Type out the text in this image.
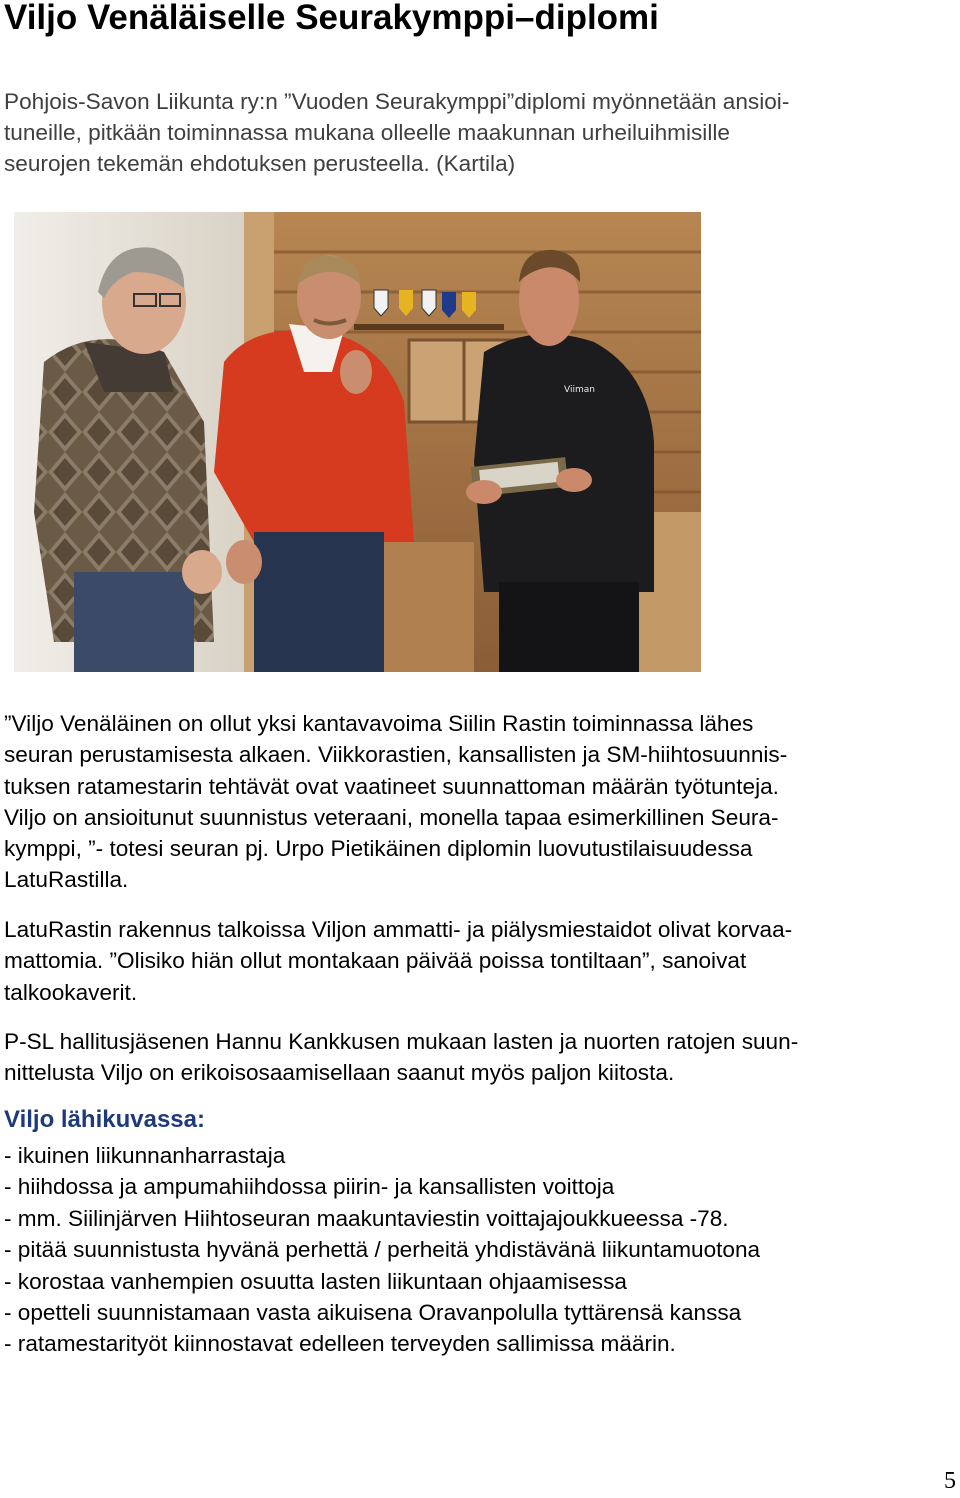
Viljo Venäläiselle Seurakymppi–diplomi
Pohjois-Savon Liikunta ry:n ”Vuoden Seurakymppi”diplomi myönnetään ansioi-
tuneille, pitkään toiminnassa mukana olleelle maakunnan urheiluihmisille
seurojen tekemän ehdotuksen perusteella. (Kartila)
Viiman
”Viljo Venäläinen on ollut yksi kantavavoima Siilin Rastin toiminnassa lähes
seuran perustamisesta alkaen. Viikkorastien, kansallisten ja SM-hiihtosuunnis-
tuksen ratamestarin tehtävät ovat vaatineet suunnattoman määrän työtunteja.
Viljo on ansioitunut suunnistus veteraani, monella tapaa esimerkillinen Seura-
kymppi, ”- totesi seuran pj. Urpo Pietikäinen diplomin luovutustilaisuudessa
LatuRastilla.
LatuRastin rakennus talkoissa Viljon ammatti- ja piälysmiestaidot olivat korvaa-
mattomia. ”Olisiko hiän ollut montakaan päivää poissa tontiltaan”, sanoivat
talkookaverit.
P-SL hallitusjäsenen Hannu Kankkusen mukaan lasten ja nuorten ratojen suun-
nittelusta Viljo on erikoisosaamisellaan saanut myös paljon kiitosta.
Viljo lähikuvassa:
- ikuinen liikunnanharrastaja
- hiihdossa ja ampumahiihdossa piirin- ja kansallisten voittoja
- mm. Siilinjärven Hiihtoseuran maakuntaviestin voittajajoukkueessa -78.
- pitää suunnistusta hyvänä perhettä / perheitä yhdistävänä liikuntamuotona
- korostaa vanhempien osuutta lasten liikuntaan ohjaamisessa
- opetteli suunnistamaan vasta aikuisena Oravanpolulla tyttärensä kanssa
- ratamestarityöt kiinnostavat edelleen terveyden sallimissa määrin.
5
